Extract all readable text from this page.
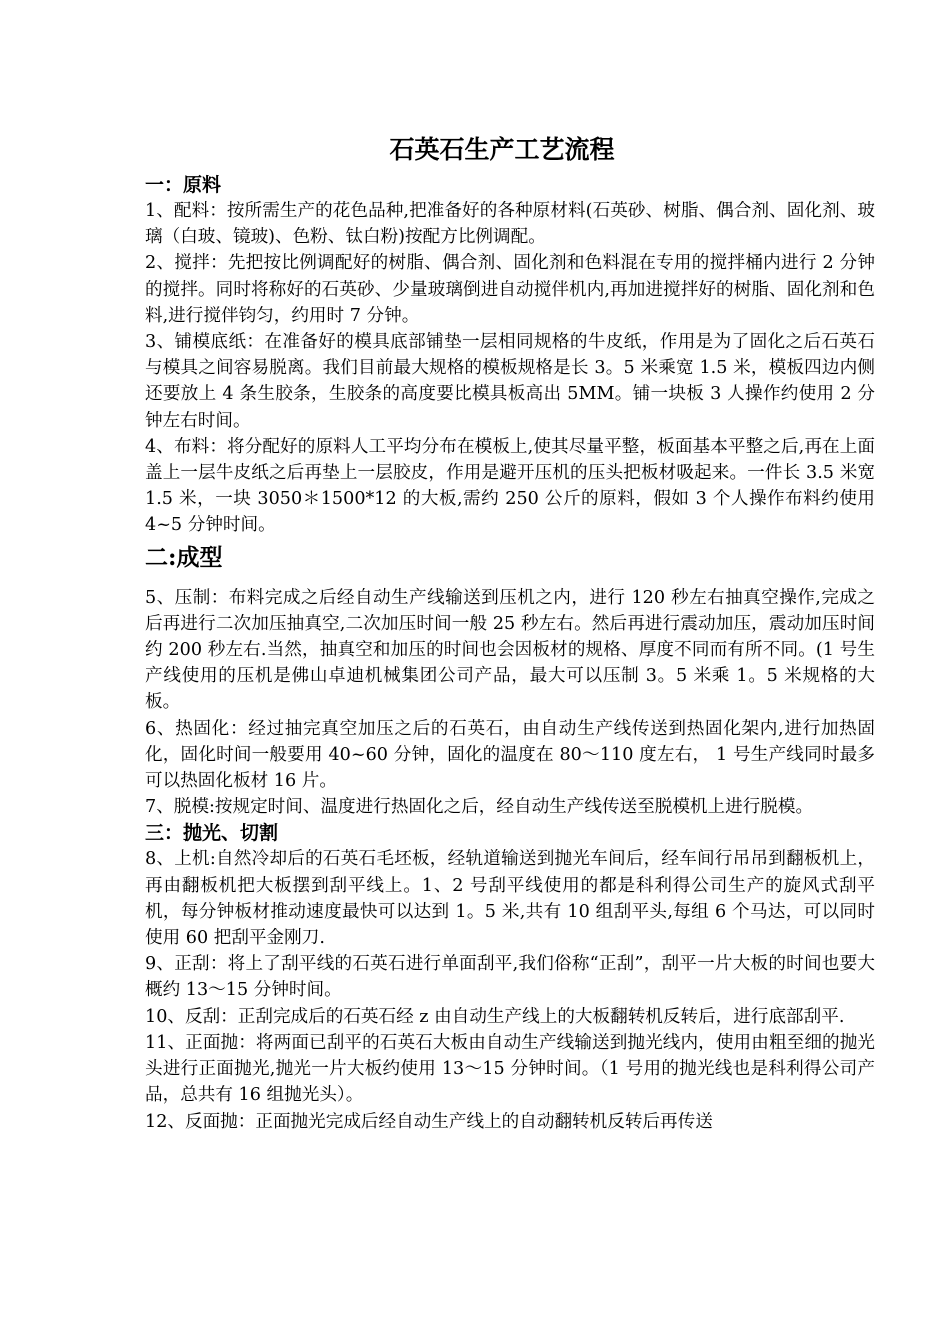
石英石生产工艺流程
一：原料

1、配料：按所需生产的花色品种,把准备好的各种原材料(石英砂、树脂、偶合剂、固化剂、玻璃（白玻、镜玻)、色粉、钛白粉)按配方比例调配。

2、搅拌：先把按比例调配好的树脂、偶合剂、固化剂和色料混在专用的搅拌桶内进行 2 分钟的搅拌。同时将称好的石英砂、少量玻璃倒进自动搅伴机内,再加进搅拌好的树脂、固化剂和色料,进行搅伴钧匀，约用时 7 分钟。

3、铺模底纸：在准备好的模具底部铺垫一层相同规格的牛皮纸，作用是为了固化之后石英石与模具之间容易脱离。我们目前最大规格的模板规格是长 3。5 米乘宽 1.5 米，模板四边内侧还要放上 4 条生胶条，生胶条的高度要比模具板高出 5MM。铺一块板 3 人操作约使用 2 分钟左右时间。

4、布料：将分配好的原料人工平均分布在模板上,使其尽量平整，板面基本平整之后,再在上面盖上一层牛皮纸之后再垫上一层胶皮，作用是避开压机的压头把板材吸起来。一件长 3.5 米宽 1.5 米，一块 3050＊1500*12 的大板,需约 250 公斤的原料，假如 3 个人操作布料约使用 4~5 分钟时间。

二:成型

5、压制：布料完成之后经自动生产线输送到压机之内，进行 120 秒左右抽真空操作,完成之后再进行二次加压抽真空,二次加压时间一般 25 秒左右。然后再进行震动加压，震动加压时间约 200 秒左右.当然，抽真空和加压的时间也会因板材的规格、厚度不同而有所不同。(1 号生产线使用的压机是佛山卓迪机械集团公司产品，最大可以压制 3。5 米乘 1。5 米规格的大板。

6、热固化：经过抽完真空加压之后的石英石，由自动生产线传送到热固化架内,进行加热固化，固化时间一般要用 40~60 分钟，固化的温度在 80～110 度左右， 1 号生产线同时最多可以热固化板材 16 片。

7、脱模:按规定时间、温度进行热固化之后，经自动生产线传送至脱模机上进行脱模。

三：抛光、切割

8、上机:自然冷却后的石英石毛坯板，经轨道输送到抛光车间后，经车间行吊吊到翻板机上，再由翻板机把大板摆到刮平线上。1、2 号刮平线使用的都是科利得公司生产的旋风式刮平机，每分钟板材推动速度最快可以达到 1。5 米,共有 10 组刮平头,每组 6 个马达，可以同时使用 60 把刮平金刚刀.

9、正刮：将上了刮平线的石英石进行单面刮平,我们俗称“正刮”，刮平一片大板的时间也要大概约 13～15 分钟时间。

10、反刮：正刮完成后的石英石经 z 由自动生产线上的大板翻转机反转后，进行底部刮平.

11、正面抛：将两面已刮平的石英石大板由自动生产线输送到抛光线内，使用由粗至细的抛光头进行正面抛光,抛光一片大板约使用 13～15 分钟时间。（1 号用的抛光线也是科利得公司产品，总共有 16 组抛光头）。

12、反面抛：正面抛光完成后经自动生产线上的自动翻转机反转后再传送
